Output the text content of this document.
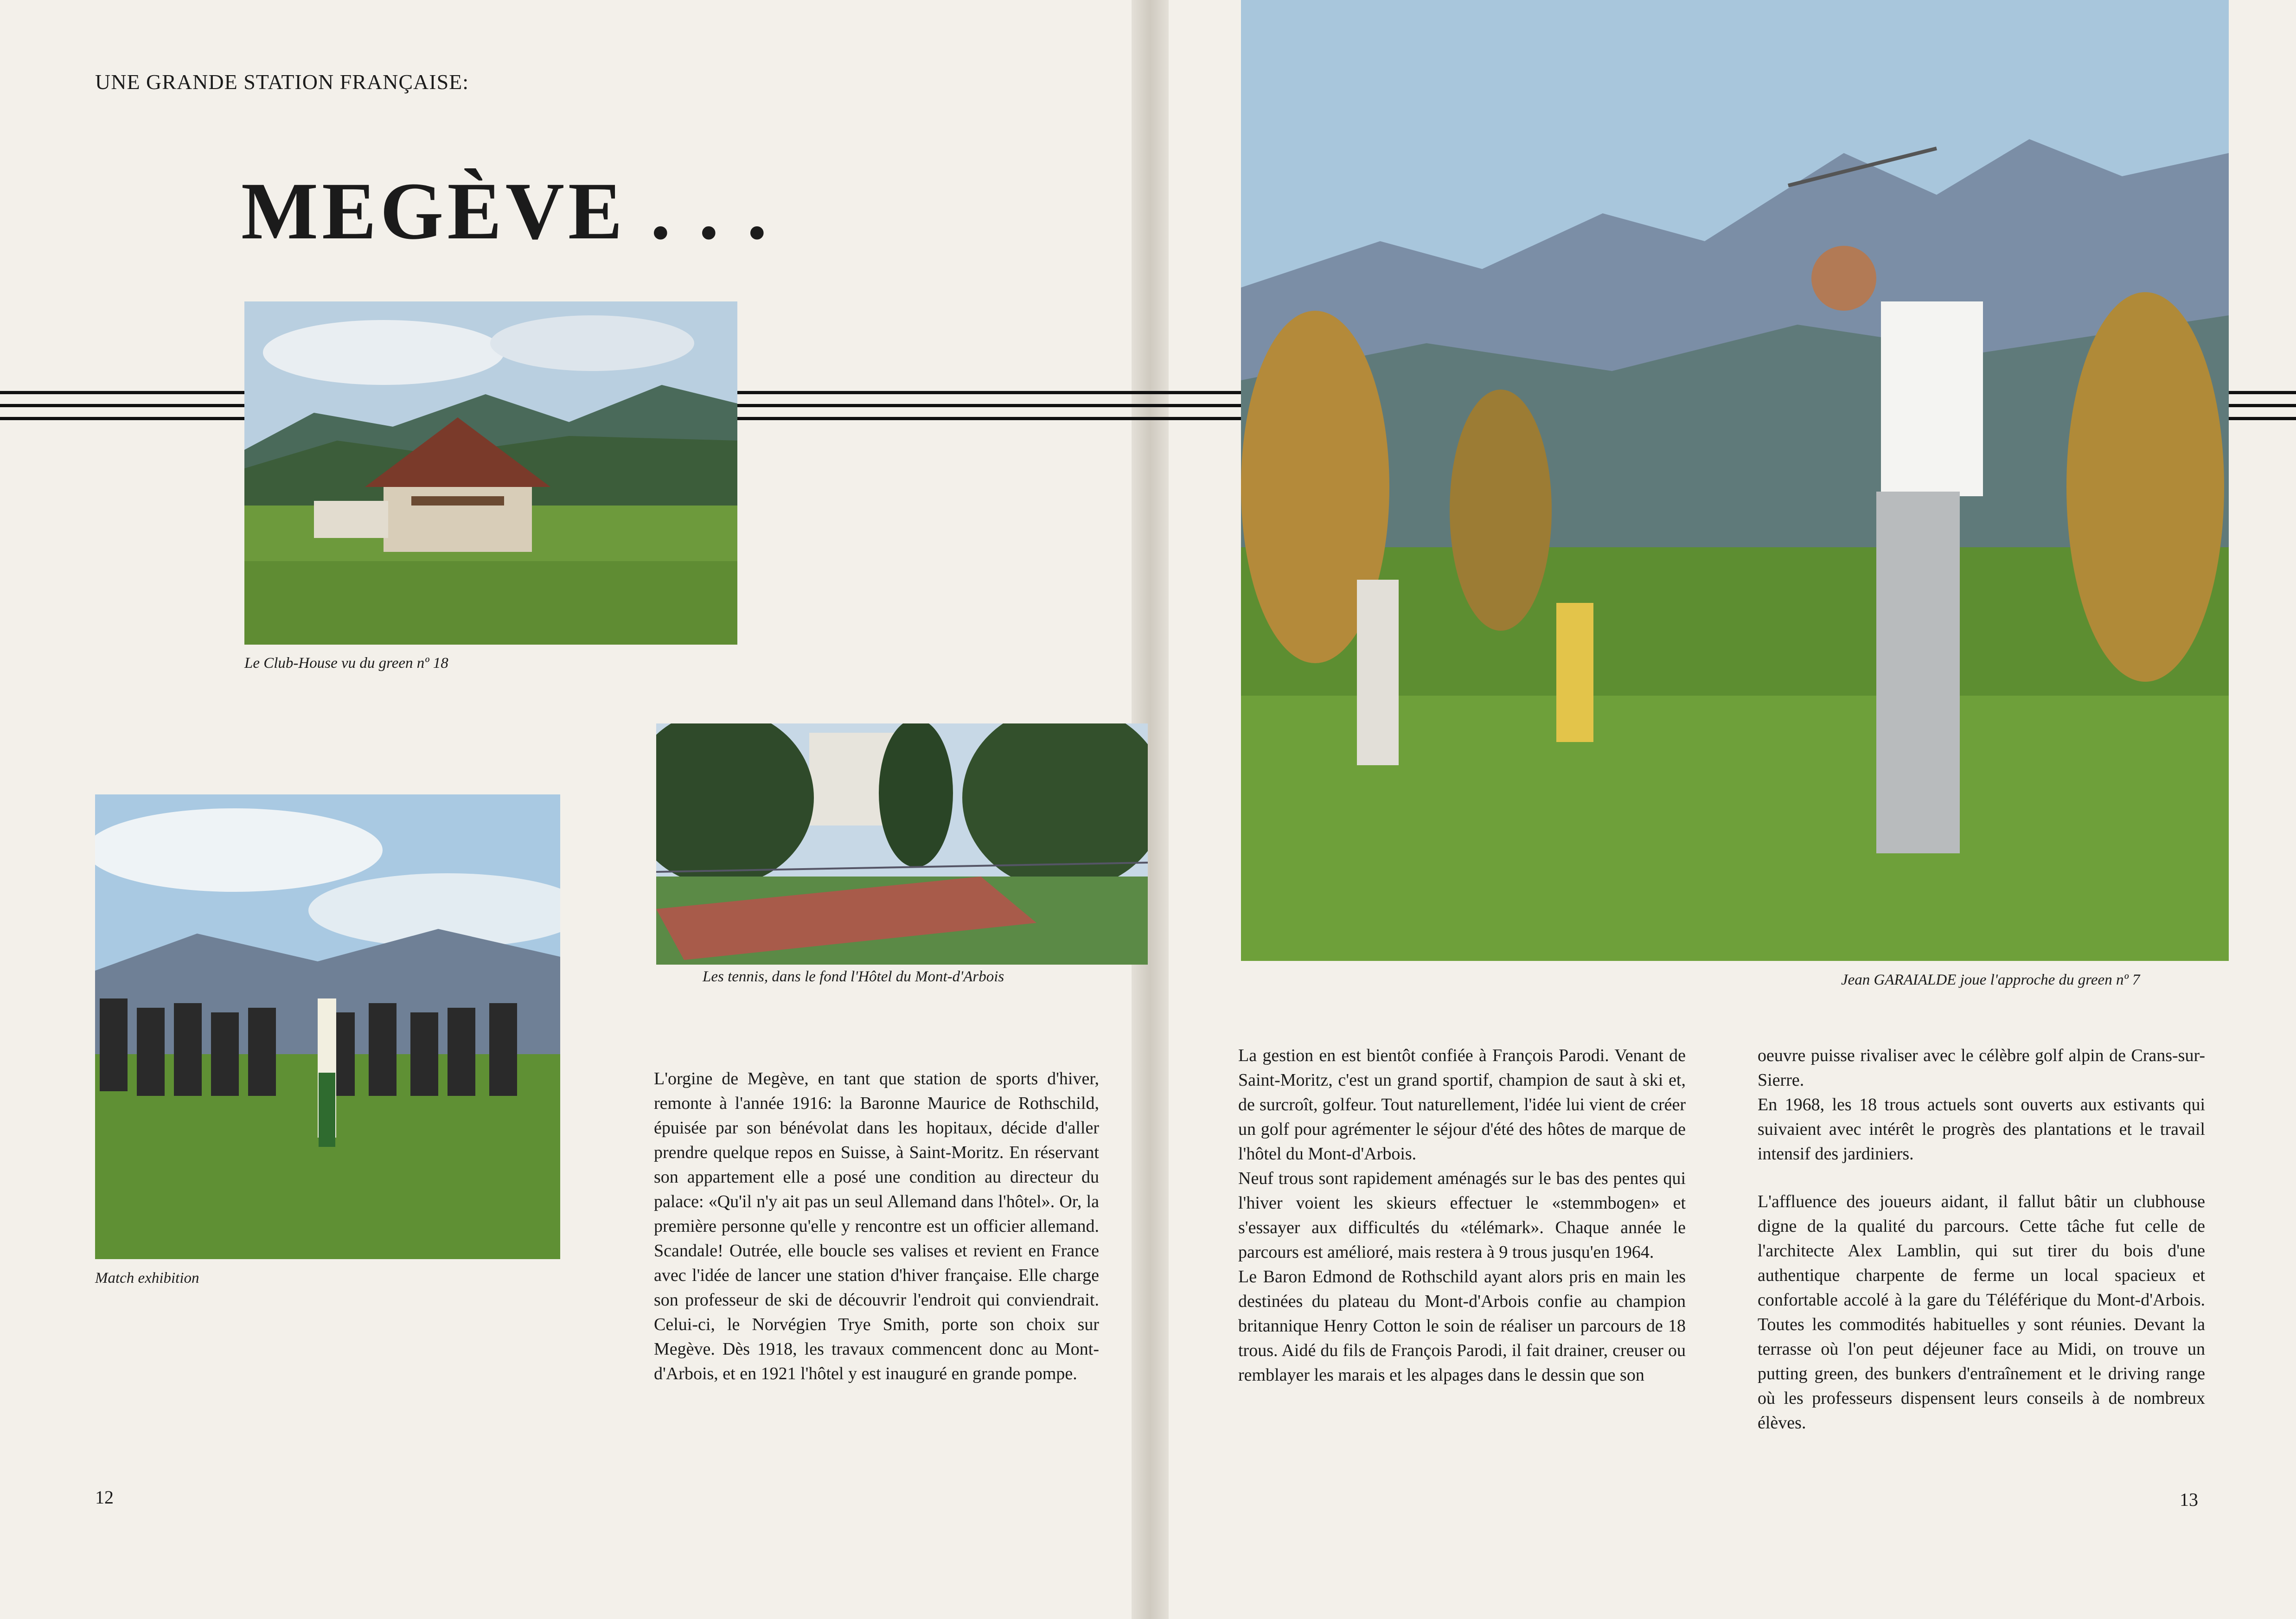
UNE GRANDE STATION FRANÇAISE:
MEGÈVE . . .
Le Club-House vu du green nº 18
Les tennis, dans le fond l'Hôtel du Mont-d'Arbois
Match exhibition

L'orgine de Megève, en tant que station de sports d'hiver, remonte à l'année 1916: la Baronne Maurice de Rothschild, épuisée par son bénévolat dans les hopitaux, décide d'aller prendre quelque repos en Suisse, à Saint-Moritz. En réservant son appartement elle a posé une condition au directeur du palace: «Qu'il n'y ait pas un seul Allemand dans l'hôtel». Or, la première personne qu'elle y rencontre est un officier allemand. Scandale! Outrée, elle boucle ses valises et revient en France avec l'idée de lancer une station d'hiver française. Elle charge son professeur de ski de découvrir l'endroit qui conviendrait. Celui-ci, le Norvégien Trye Smith, porte son choix sur Megève. Dès 1918, les travaux commencent donc au Mont-d'Arbois, et en 1921 l'hôtel y est inauguré en grande pompe.

12
Jean GARAIALDE joue l'approche du green nº 7

La gestion en est bientôt confiée à François Parodi. Venant de Saint-Moritz, c'est un grand sportif, champion de saut à ski et, de surcroît, golfeur. Tout naturellement, l'idée lui vient de créer un golf pour agrémenter le séjour d'été des hôtes de marque de l'hôtel du Mont-d'Arbois.

Neuf trous sont rapidement aménagés sur le bas des pentes qui l'hiver voient les skieurs effectuer le «stemmbogen» et s'essayer aux difficultés du «télémark». Chaque année le parcours est amélioré, mais restera à 9 trous jusqu'en 1964.

Le Baron Edmond de Rothschild ayant alors pris en main les destinées du plateau du Mont-d'Arbois confie au champion britannique Henry Cotton le soin de réaliser un parcours de 18 trous. Aidé du fils de François Parodi, il fait drainer, creuser ou remblayer les marais et les alpages dans le dessin que son

oeuvre puisse rivaliser avec le célèbre golf alpin de Crans-sur-Sierre.

En 1968, les 18 trous actuels sont ouverts aux estivants qui suivaient avec intérêt le progrès des plantations et le travail intensif des jardiniers.

L'affluence des joueurs aidant, il fallut bâtir un clubhouse digne de la qualité du parcours. Cette tâche fut celle de l'architecte Alex Lamblin, qui sut tirer du bois d'une authentique charpente de ferme un local spacieux et confortable accolé à la gare du Téléférique du Mont-d'Arbois. Toutes les commodités habituelles y sont réunies. Devant la terrasse où l'on peut déjeuner face au Midi, on trouve un putting green, des bunkers d'entraînement et le driving range où les professeurs dispensent leurs conseils à de nombreux élèves.

13
